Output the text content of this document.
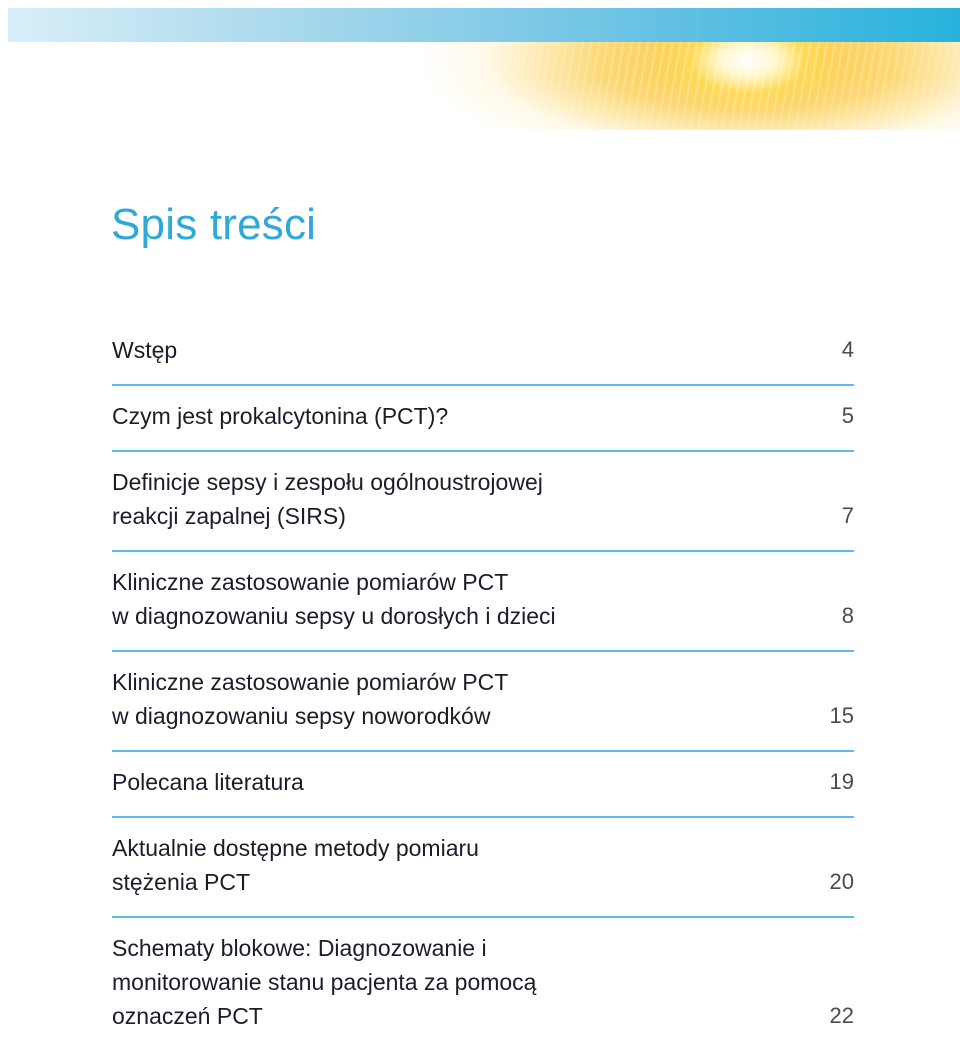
Spis treści
Wstęp	4
Czym jest prokalcytonina (PCT)?	5
Definicje sepsy i zespołu ogólnoustrojowej
reakcji zapalnej (SIRS)	7
Kliniczne zastosowanie pomiarów PCT
w diagnozowaniu sepsy u dorosłych i dzieci	8
Kliniczne zastosowanie pomiarów PCT
w diagnozowaniu sepsy noworodków	15
Polecana literatura	19
Aktualnie dostępne metody pomiaru
stężenia PCT	20
Schematy blokowe: Diagnozowanie i
monitorowanie stanu pacjenta za pomocą
oznaczeń PCT	22
